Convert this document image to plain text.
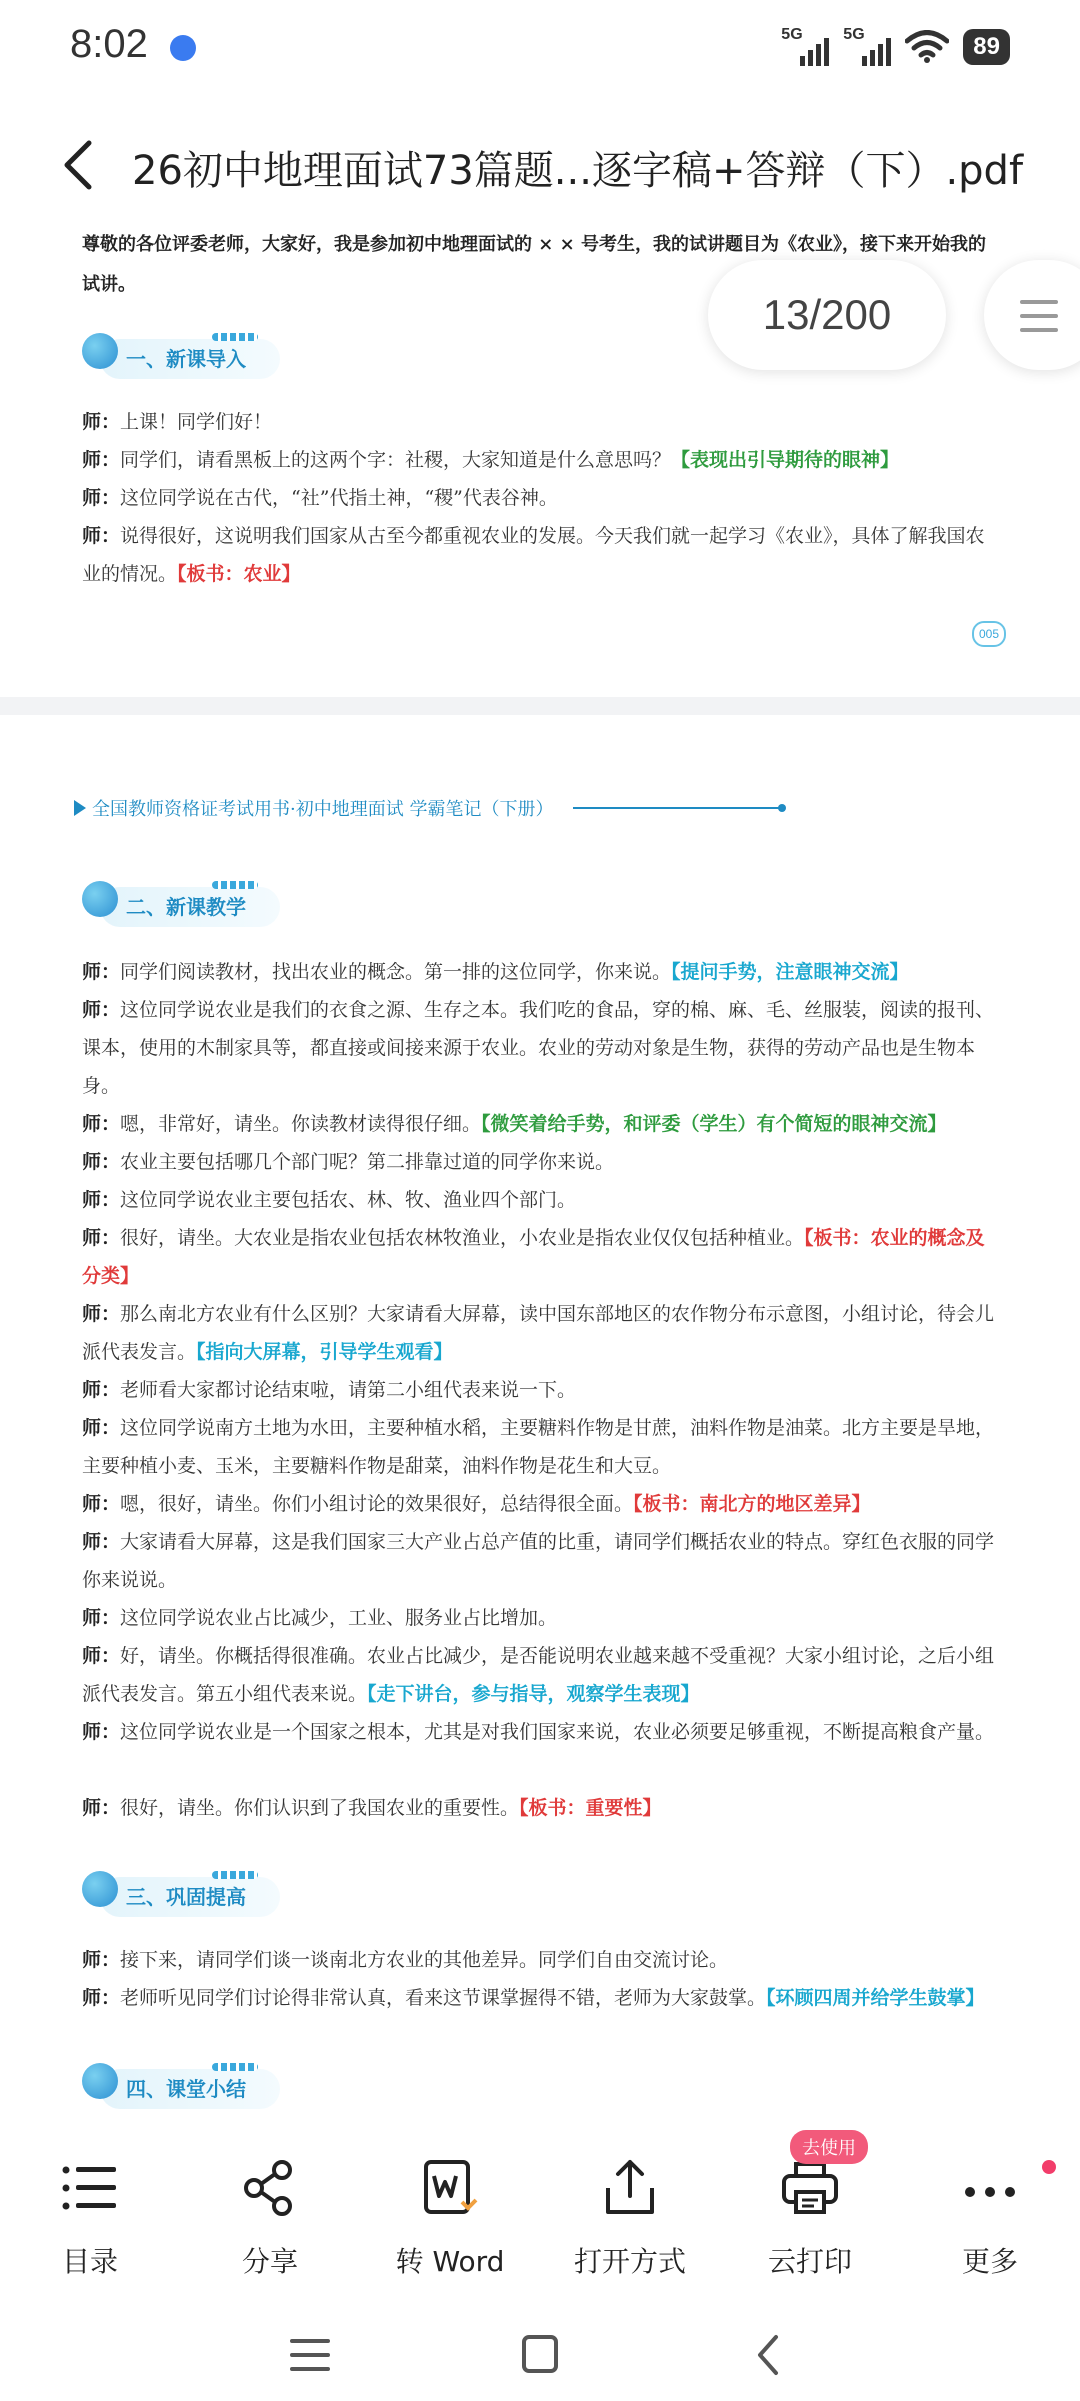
8:02	5G	5G	89
26初中地理面试73篇题...逐字稿+答辩（下）.pdf
尊敬的各位评委老师，大家好，我是参加初中地理面试的 × × 号考生，我的试讲题目为《农业》，接下来开始我的试讲。
一、新课导入
师：上课！同学们好！
师：同学们，请看黑板上的这两个字：社稷，大家知道是什么意思吗？【表现出引导期待的眼神】
师：这位同学说在古代，“社”代指土神，“稷”代表谷神。
师：说得很好，这说明我们国家从古至今都重视农业的发展。今天我们就一起学习《农业》，具体了解我国农业的情况。【板书：农业】
005
13/200
全国教师资格证考试用书·初中地理面试 学霸笔记（下册）
二、新课教学
师：同学们阅读教材，找出农业的概念。第一排的这位同学，你来说。【提问手势，注意眼神交流】
师：这位同学说农业是我们的衣食之源、生存之本。我们吃的食品，穿的棉、麻、毛、丝服装，阅读的报刊、课本，使用的木制家具等，都直接或间接来源于农业。农业的劳动对象是生物，获得的劳动产品也是生物本身。
师：嗯，非常好，请坐。你读教材读得很仔细。【微笑着给手势，和评委（学生）有个简短的眼神交流】
师：农业主要包括哪几个部门呢？第二排靠过道的同学你来说。
师：这位同学说农业主要包括农、林、牧、渔业四个部门。
师：很好，请坐。大农业是指农业包括农林牧渔业，小农业是指农业仅仅包括种植业。【板书：农业的概念及分类】
师：那么南北方农业有什么区别？大家请看大屏幕，读中国东部地区的农作物分布示意图，小组讨论，待会儿派代表发言。【指向大屏幕，引导学生观看】
师：老师看大家都讨论结束啦，请第二小组代表来说一下。
师：这位同学说南方土地为水田，主要种植水稻，主要糖料作物是甘蔗，油料作物是油菜。北方主要是旱地，主要种植小麦、玉米，主要糖料作物是甜菜，油料作物是花生和大豆。
师：嗯，很好，请坐。你们小组讨论的效果很好，总结得很全面。【板书：南北方的地区差异】
师：大家请看大屏幕，这是我们国家三大产业占总产值的比重，请同学们概括农业的特点。穿红色衣服的同学你来说说。
师：这位同学说农业占比减少，工业、服务业占比增加。
师：好，请坐。你概括得很准确。农业占比减少，是否能说明农业越来越不受重视？大家小组讨论，之后小组派代表发言。第五小组代表来说。【走下讲台，参与指导，观察学生表现】
师：这位同学说农业是一个国家之根本，尤其是对我们国家来说，农业必须要足够重视，不断提高粮食产量。
师：很好，请坐。你们认识到了我国农业的重要性。【板书：重要性】
三、巩固提高
师：接下来，请同学们谈一谈南北方农业的其他差异。同学们自由交流讨论。
师：老师听见同学们讨论得非常认真，看来这节课掌握得不错，老师为大家鼓掌。【环顾四周并给学生鼓掌】
四、课堂小结
目录	分享	转 Word	打开方式
去使用
云打印	更多
